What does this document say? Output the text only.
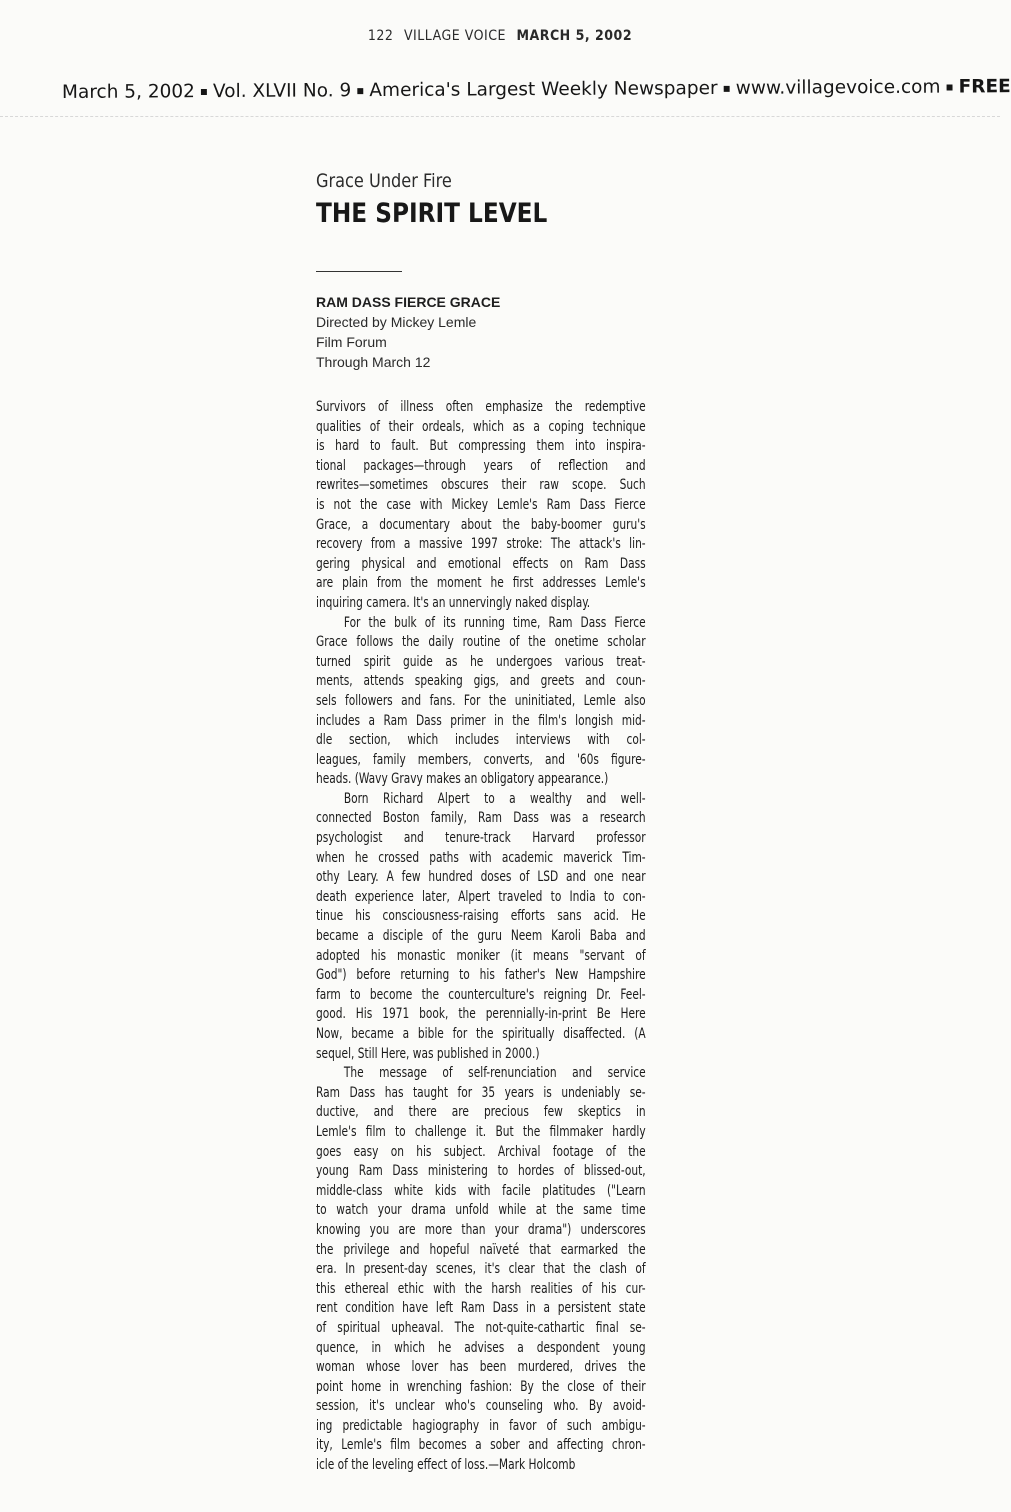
122 VILLAGE VOICE MARCH 5, 2002
March 5, 2002 ▪ Vol. XLVII No. 9 ▪ America's Largest Weekly Newspaper ▪ www.villagevoice.com ▪ FREE
Grace Under Fire
THE SPIRIT LEVEL
RAM DASS FIERCE GRACE
Directed by Mickey Lemle
Film Forum
Through March 12
Survivors of illness often emphasize the redemptive
qualities of their ordeals, which as a coping technique
is hard to fault. But compressing them into inspira-
tional packages—through years of reflection and
rewrites—sometimes obscures their raw scope. Such
is not the case with Mickey Lemle's Ram Dass Fierce
Grace, a documentary about the baby-boomer guru's
recovery from a massive 1997 stroke: The attack's lin-
gering physical and emotional effects on Ram Dass
are plain from the moment he first addresses Lemle's
inquiring camera. It's an unnervingly naked display.
For the bulk of its running time, Ram Dass Fierce
Grace follows the daily routine of the onetime scholar
turned spirit guide as he undergoes various treat-
ments, attends speaking gigs, and greets and coun-
sels followers and fans. For the uninitiated, Lemle also
includes a Ram Dass primer in the film's longish mid-
dle section, which includes interviews with col-
leagues, family members, converts, and '60s figure-
heads. (Wavy Gravy makes an obligatory appearance.)
Born Richard Alpert to a wealthy and well-
connected Boston family, Ram Dass was a research
psychologist and tenure-track Harvard professor
when he crossed paths with academic maverick Tim-
othy Leary. A few hundred doses of LSD and one near
death experience later, Alpert traveled to India to con-
tinue his consciousness-raising efforts sans acid. He
became a disciple of the guru Neem Karoli Baba and
adopted his monastic moniker (it means "servant of
God") before returning to his father's New Hampshire
farm to become the counterculture's reigning Dr. Feel-
good. His 1971 book, the perennially-in-print Be Here
Now, became a bible for the spiritually disaffected. (A
sequel, Still Here, was published in 2000.)
The message of self-renunciation and service
Ram Dass has taught for 35 years is undeniably se-
ductive, and there are precious few skeptics in
Lemle's film to challenge it. But the filmmaker hardly
goes easy on his subject. Archival footage of the
young Ram Dass ministering to hordes of blissed-out,
middle-class white kids with facile platitudes ("Learn
to watch your drama unfold while at the same time
knowing you are more than your drama") underscores
the privilege and hopeful naïveté that earmarked the
era. In present-day scenes, it's clear that the clash of
this ethereal ethic with the harsh realities of his cur-
rent condition have left Ram Dass in a persistent state
of spiritual upheaval. The not-quite-cathartic final se-
quence, in which he advises a despondent young
woman whose lover has been murdered, drives the
point home in wrenching fashion: By the close of their
session, it's unclear who's counseling who. By avoid-
ing predictable hagiography in favor of such ambigu-
ity, Lemle's film becomes a sober and affecting chron-
icle of the leveling effect of loss.—Mark Holcomb
